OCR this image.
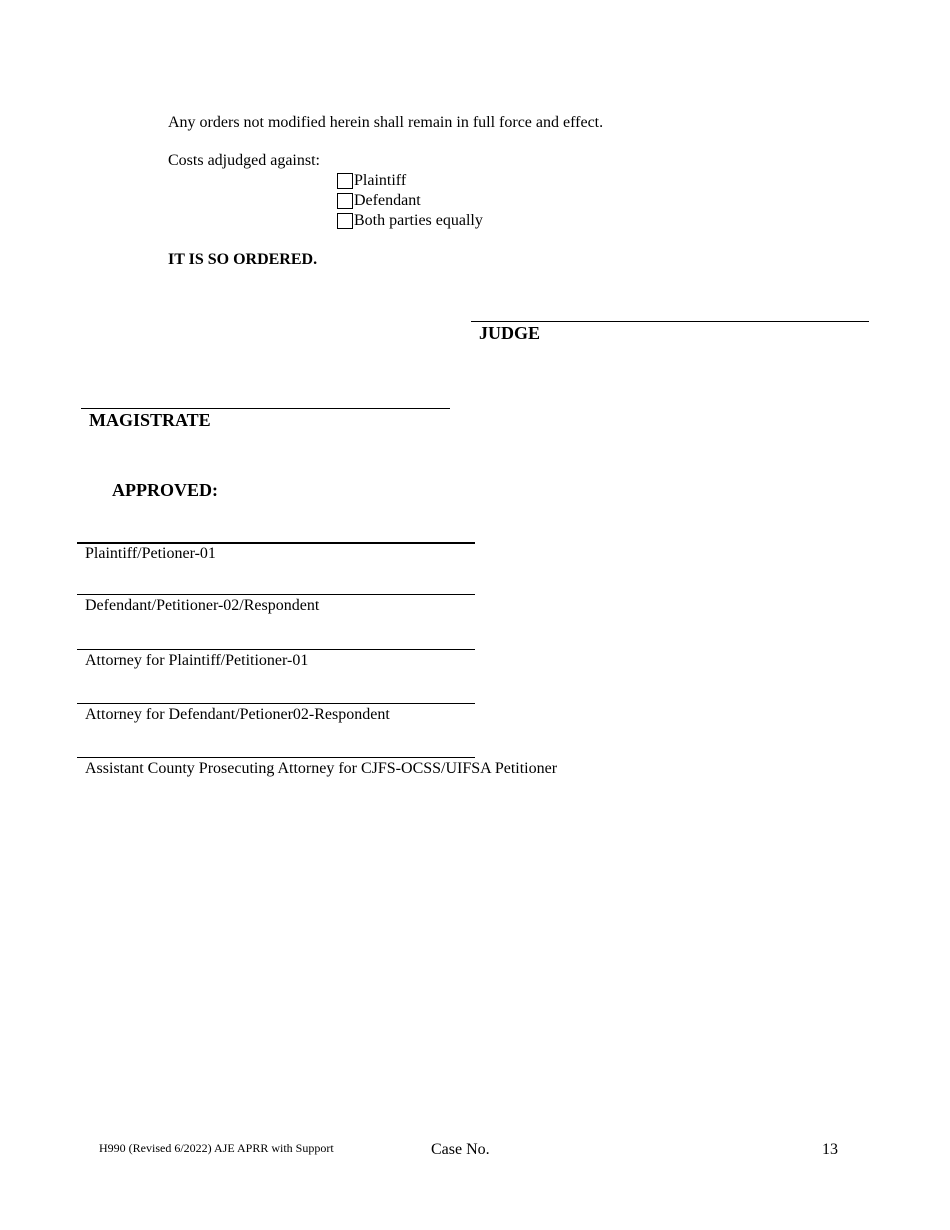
Any orders not modified herein shall remain in full force and effect.
Costs adjudged against:
Plaintiff
Defendant
Both parties equally
IT IS SO ORDERED.
JUDGE
MAGISTRATE
APPROVED:
Plaintiff/Petioner-01
Defendant/Petitioner-02/Respondent
Attorney for Plaintiff/Petitioner-01
Attorney for Defendant/Petioner02-Respondent
Assistant County Prosecuting Attorney for CJFS-OCSS/UIFSA Petitioner
H990 (Revised 6/2022) AJE APRR with Support	Case No.	13
